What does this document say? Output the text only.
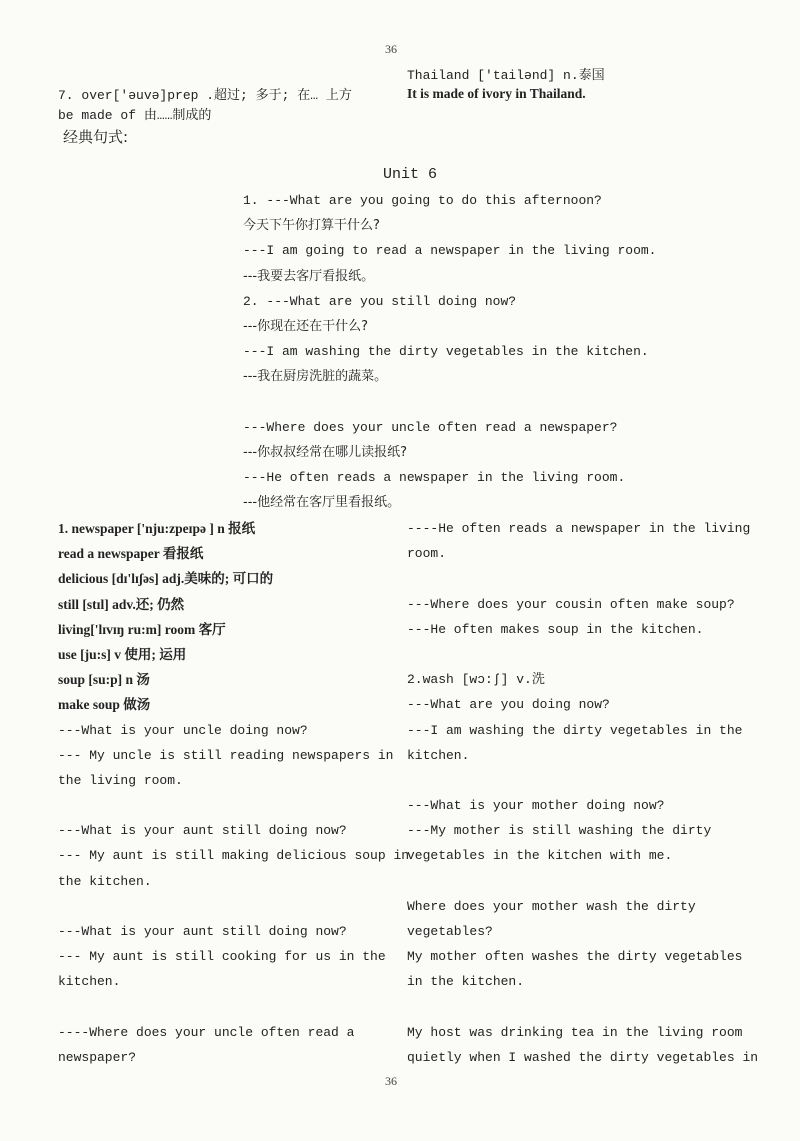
36
7. over['əuvə]prep .超过; 多于; 在… 上方
be made of 由……制成的
Thailand ['tailənd] n.泰国
It is made of ivory in Thailand.
经典句式:
Unit 6
1. ---What are you going to do this afternoon?
今天下午你打算干什么?
---I am going to read a newspaper in the living room.
---我要去客厅看报纸。
2. ---What are you still doing now?
---你现在还在干什么?
---I am washing the dirty vegetables in the kitchen.
---我在厨房洗脏的蔬菜。
---Where does your uncle often read a newspaper?
---你叔叔经常在哪儿读报纸?
---He often reads a newspaper in the living room.
---他经常在客厅里看报纸。
1. newspaper ['nju:zpeɪpə ] n 报纸
read a newspaper 看报纸
delicious [dɪ'lɪʃəs] adj.美味的; 可口的
still [stɪl] adv.还; 仍然
living['lɪvɪŋ ru:m] room 客厅
use [ju:s] v 使用; 运用
soup [su:p] n 汤
make soup 做汤
---What is your uncle doing now?
--- My uncle is still reading newspapers in
the living room.
---What is your aunt still doing now?
--- My aunt is still making delicious soup in
the kitchen.
---What is your aunt still doing now?
--- My aunt is still cooking for us in the
kitchen.
----Where does your uncle often read a
newspaper?
----He often reads a newspaper in the living
room.
---Where does your cousin often make soup?
---He often makes soup in the kitchen.
2.wash [wɔ:ʃ] v.洗
---What are you doing now?
---I am washing the dirty vegetables in the
kitchen.
---What is your mother doing now?
---My mother is still washing the dirty
vegetables in the kitchen with me.
Where does your mother wash the dirty
vegetables?
My mother often washes the dirty vegetables
in the kitchen.
My host was drinking tea in the living room
quietly when I washed the dirty vegetables in
36
